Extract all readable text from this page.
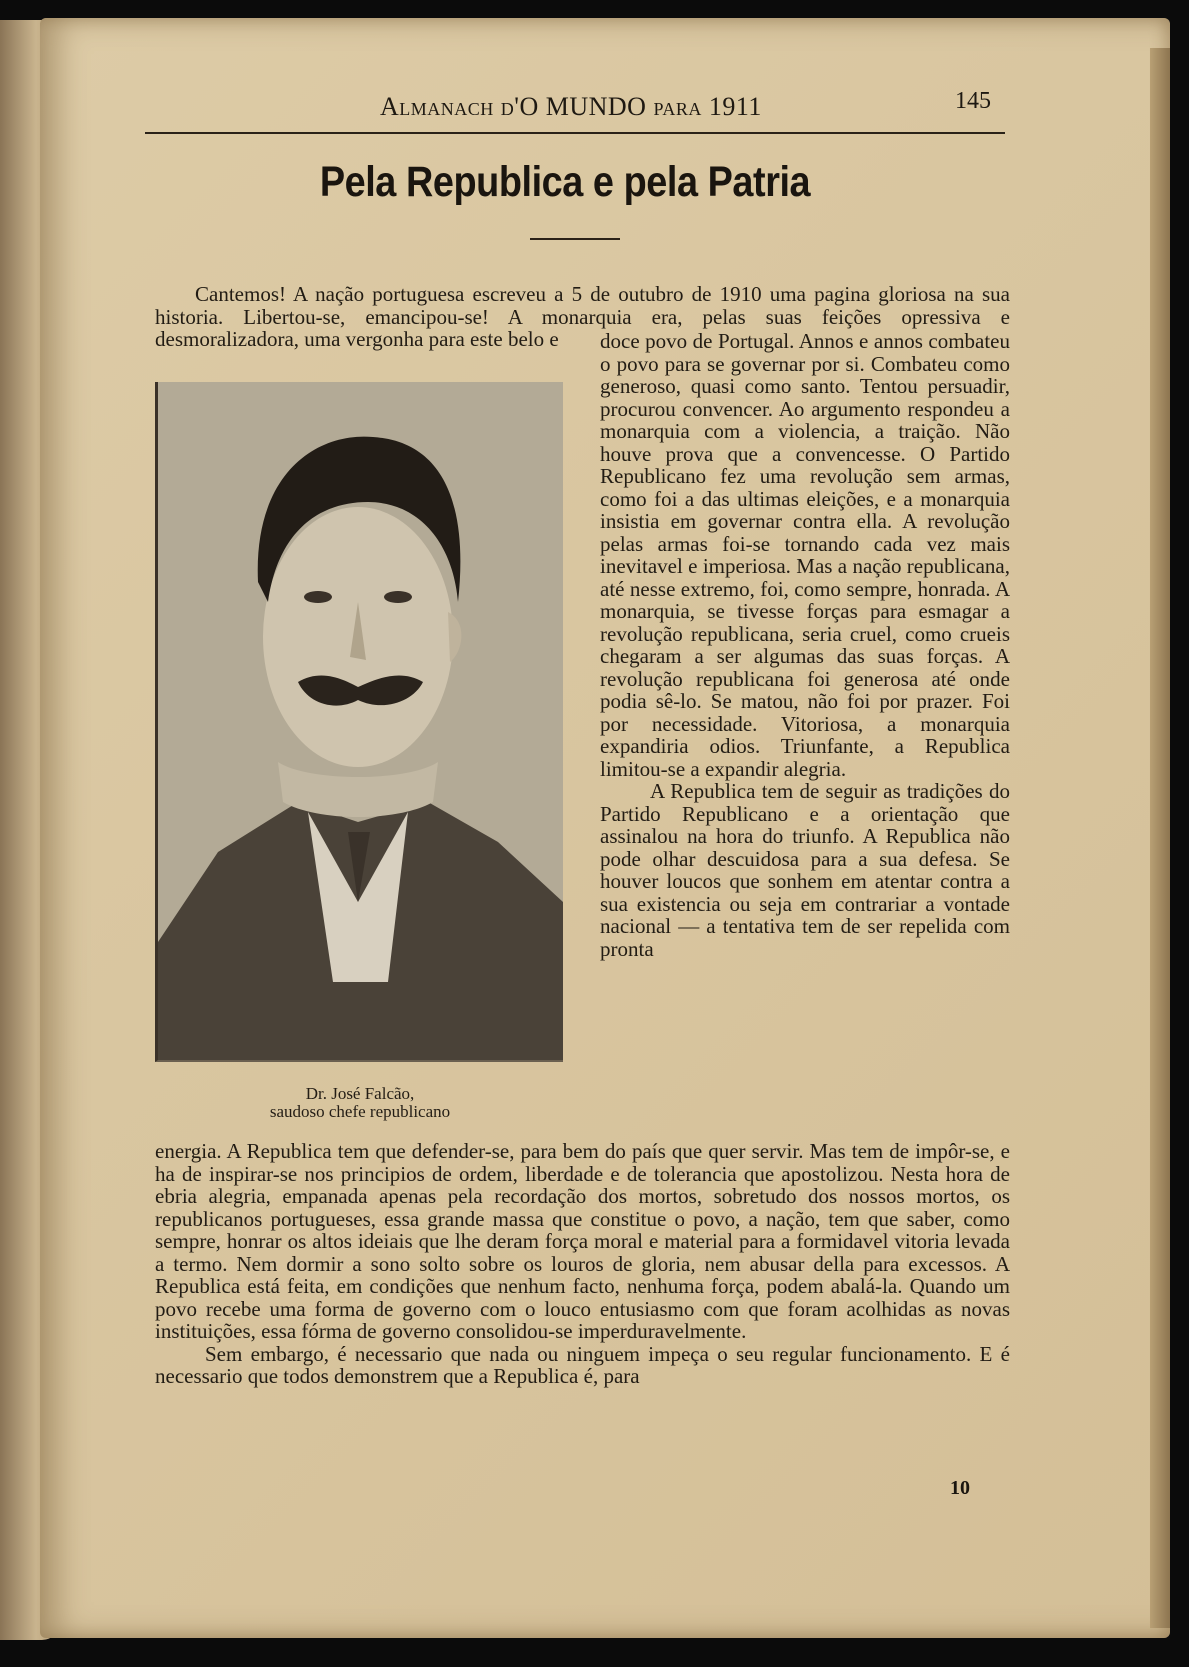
Almanach d'O MUNDO para 1911	145
Pela Republica e pela Patria

Cantemos! A nação portuguesa escreveu a 5 de outubro de 1910 uma pagina gloriosa na sua historia. Libertou-se, emancipou-se! A monarquia era, pelas suas feições opressiva e desmoralizadora, uma vergonha para este belo e

Dr. José Falcão,
saudoso chefe republicano

doce povo de Portugal. Annos e annos combateu o povo para se governar por si. Combateu como generoso, quasi como santo. Tentou persuadir, procurou convencer. Ao argumento respondeu a monarquia com a violencia, a traição. Não houve prova que a convencesse. O Partido Republicano fez uma revolução sem armas, como foi a das ultimas eleições, e a monarquia insistia em governar contra ella. A revolução pelas armas foi-se tornando cada vez mais inevitavel e imperiosa. Mas a nação republicana, até nesse extremo, foi, como sempre, honrada. A monarquia, se tivesse forças para esmagar a revolução republicana, seria cruel, como crueis chegaram a ser algumas das suas forças. A revolução republicana foi generosa até onde podia sê-lo. Se matou, não foi por prazer. Foi por necessidade. Vitoriosa, a monarquia expandiria odios. Triunfante, a Republica limitou-se a expandir alegria.

A Republica tem de seguir as tradições do Partido Republicano e a orientação que assinalou na hora do triunfo. A Republica não pode olhar descuidosa para a sua defesa. Se houver loucos que sonhem em atentar contra a sua existencia ou seja em contrariar a vontade nacional — a tentativa tem de ser repelida com pronta

energia. A Republica tem que defender-se, para bem do país que quer servir. Mas tem de impôr-se, e ha de inspirar-se nos principios de ordem, liberdade e de tolerancia que apostolizou. Nesta hora de ebria alegria, empanada apenas pela recordação dos mortos, sobretudo dos nossos mortos, os republicanos portugueses, essa grande massa que constitue o povo, a nação, tem que saber, como sempre, honrar os altos ideiais que lhe deram força moral e material para a formidavel vitoria levada a termo. Nem dormir a sono solto sobre os louros de gloria, nem abusar della para excessos. A Republica está feita, em condições que nenhum facto, nenhuma força, podem abalá-la. Quando um povo recebe uma forma de governo com o louco entusiasmo com que foram acolhidas as novas instituições, essa fórma de governo consolidou-se imperduravelmente.

Sem embargo, é necessario que nada ou ninguem impeça o seu regular funcionamento. E é necessario que todos demonstrem que a Republica é, para

10
